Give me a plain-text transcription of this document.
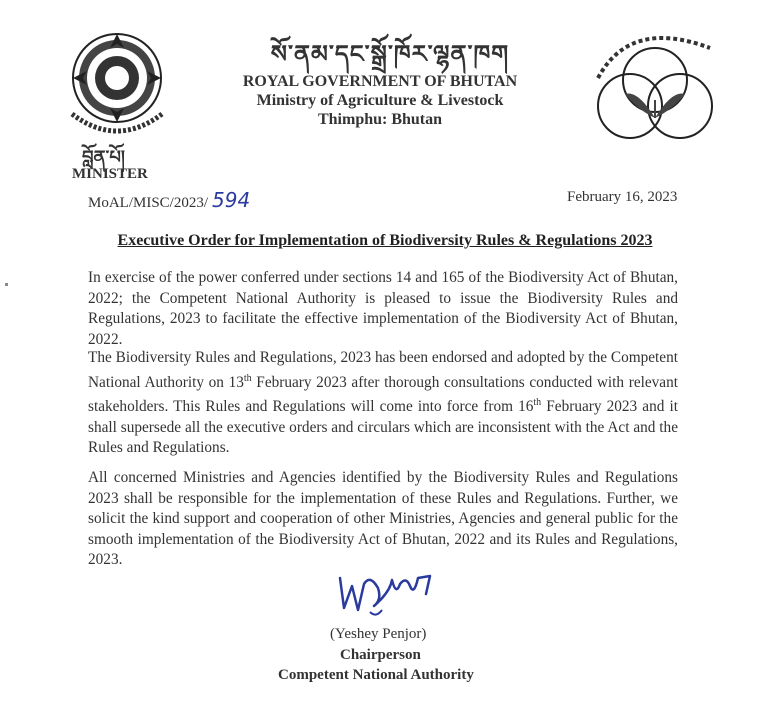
སོ་ནམ་དང་སྒྲོ་ཁོར་ལྷན་ཁག
ROYAL GOVERNMENT OF BHUTAN
Ministry of Agriculture & Livestock
Thimphu: Bhutan
བློན་པོ།
MINISTER
MoAL/MISC/2023/ 594	February 16, 2023
Executive Order for Implementation of Biodiversity Rules & Regulations 2023
In exercise of the power conferred under sections 14 and 165 of the Biodiversity Act of Bhutan, 2022; the Competent National Authority is pleased to issue the Biodiversity Rules and Regulations, 2023 to facilitate the effective implementation of the Biodiversity Act of Bhutan, 2022.
The Biodiversity Rules and Regulations, 2023 has been endorsed and adopted by the Competent National Authority on 13th February 2023 after thorough consultations conducted with relevant stakeholders. This Rules and Regulations will come into force from 16th February 2023 and it shall supersede all the executive orders and circulars which are inconsistent with the Act and the Rules and Regulations.
All concerned Ministries and Agencies identified by the Biodiversity Rules and Regulations 2023 shall be responsible for the implementation of these Rules and Regulations. Further, we solicit the kind support and cooperation of other Ministries, Agencies and general public for the smooth implementation of the Biodiversity Act of Bhutan, 2022 and its Rules and Regulations, 2023.
(Yeshey Penjor)
Chairperson
Competent National Authority
